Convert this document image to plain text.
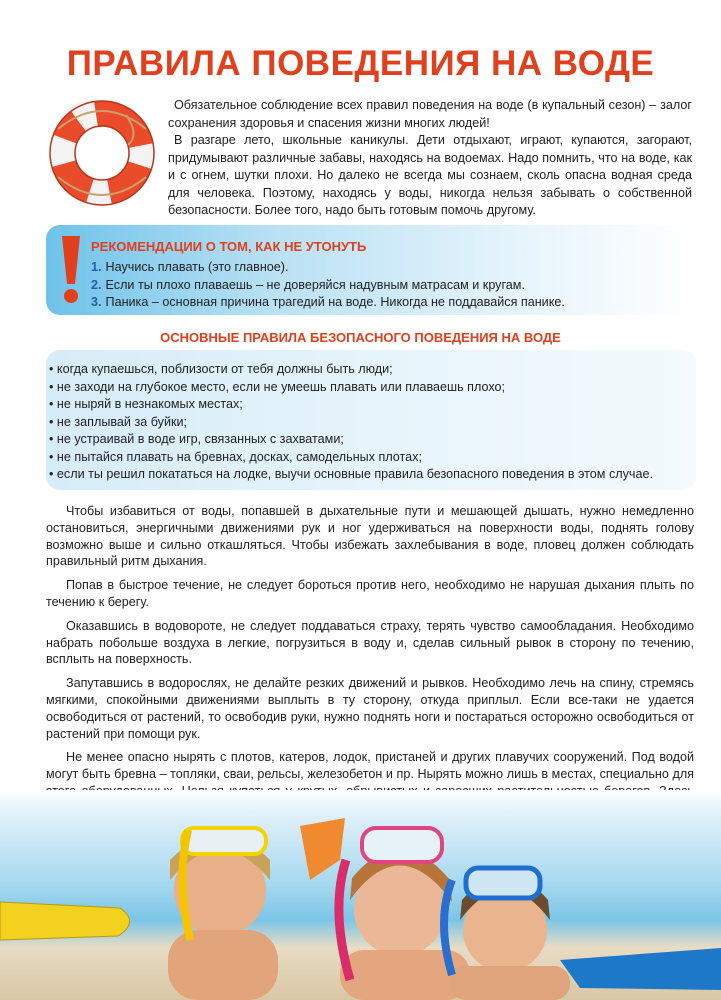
ПРАВИЛА ПОВЕДЕНИЯ НА ВОДЕ

Обязательное соблюдение всех правил поведения на воде (в купальный сезон) – залог сохранения здоровья и спасения жизни многих людей!

В разгаре лето, школьные каникулы. Дети отдыхают, играют, купаются, загорают, придумывают различные забавы, находясь на водоемах. Надо помнить, что на воде, как и с огнем, шутки плохи. Но далеко не всегда мы сознаем, сколь опасна водная среда для человека. Поэтому, находясь у воды, никогда нельзя забывать о собственной безопасности. Более того, надо быть готовым помочь другому.

РЕКОМЕНДАЦИИ О ТОМ, КАК НЕ УТОНУТЬ
1. Научись плавать (это главное).
2. Если ты плохо плаваешь – не доверяйся надувным матрасам и кругам.
3. Паника – основная причина трагедий на воде. Никогда не поддавайся панике.
ОСНОВНЫЕ ПРАВИЛА БЕЗОПАСНОГО ПОВЕДЕНИЯ НА ВОДЕ
• когда купаешься, поблизости от тебя должны быть люди;
• не заходи на глубокое место, если не умеешь плавать или плаваешь плохо;
• не ныряй в незнакомых местах;
• не заплывай за буйки;
• не устраивай в воде игр, связанных с захватами;
• не пытайся плавать на бревнах, досках, самодельных плотах;
• если ты решил покататься на лодке, выучи основные правила безопасного поведения в этом случае.

Чтобы избавиться от воды, попавшей в дыхательные пути и мешающей дышать, нужно немедленно остановиться, энергичными движениями рук и ног удерживаться на поверхности воды, поднять голову возможно выше и сильно откашляться. Чтобы избежать захлебывания в воде, пловец должен соблюдать правильный ритм дыхания.

Попав в быстрое течение, не следует бороться против него, необходимо не нарушая дыхания плыть по течению к берегу.

Оказавшись в водовороте, не следует поддаваться страху, терять чувство самообладания. Необходимо набрать побольше воздуха в легкие, погрузиться в воду и, сделав сильный рывок в сторону по течению, всплыть на поверхность.

Запутавшись в водорослях, не делайте резких движений и рывков. Необходимо лечь на спину, стремясь мягкими, спокойными движениями выплыть в ту сторону, откуда приплыл. Если все-таки не удается освободиться от растений, то освободив руки, нужно поднять ноги и постараться осторожно освободиться от растений при помощи рук.

Не менее опасно нырять с плотов, катеров, лодок, пристаней и других плавучих сооружений. Под водой могут быть бревна – топляки, сваи, рельсы, железобетон и пр. Нырять можно лишь в местах, специально для
